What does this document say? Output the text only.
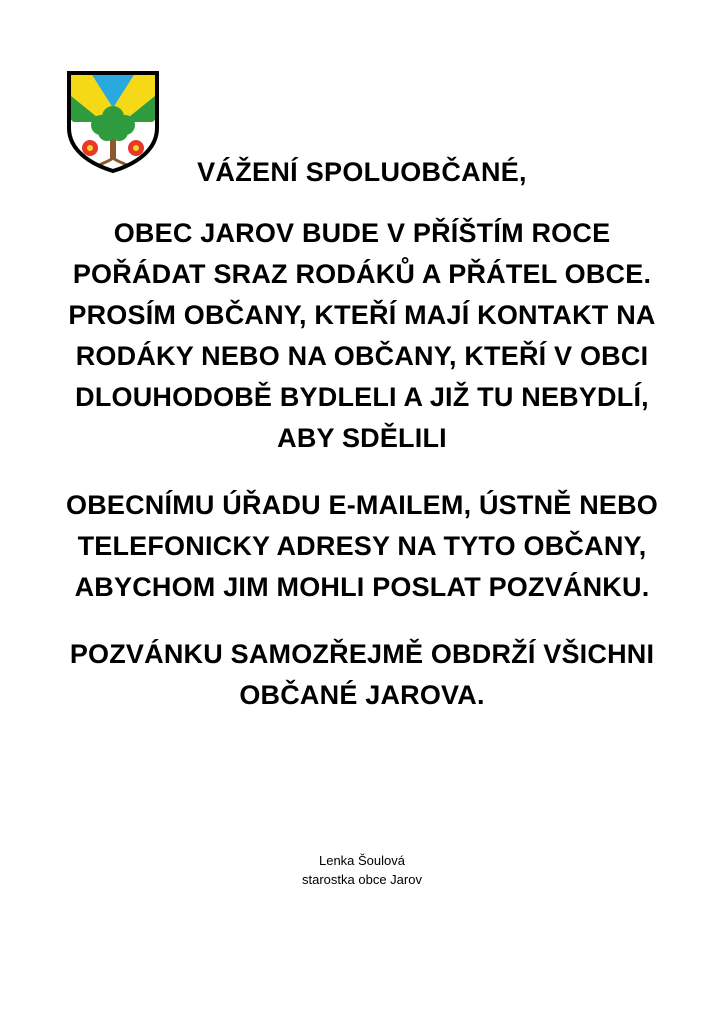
VÁŽENÍ SPOLUOBČANÉ,

OBEC JAROV BUDE V PŘÍŠTÍM ROCE POŘÁDAT SRAZ RODÁKŮ A PŘÁTEL OBCE. PROSÍM OBČANY, KTEŘÍ MAJÍ KONTAKT NA RODÁKY NEBO NA OBČANY, KTEŘÍ V OBCI DLOUHODOBĚ BYDLELI A JIŽ TU NEBYDLÍ, ABY SDĚLILI

OBECNÍMU ÚŘADU E-MAILEM, ÚSTNĚ NEBO TELEFONICKY ADRESY NA TYTO OBČANY, ABYCHOM JIM MOHLI POSLAT POZVÁNKU.

POZVÁNKU SAMOZŘEJMĚ OBDRŽÍ VŠICHNI OBČANÉ JAROVA.

Lenka Šoulová
starostka obce Jarov
